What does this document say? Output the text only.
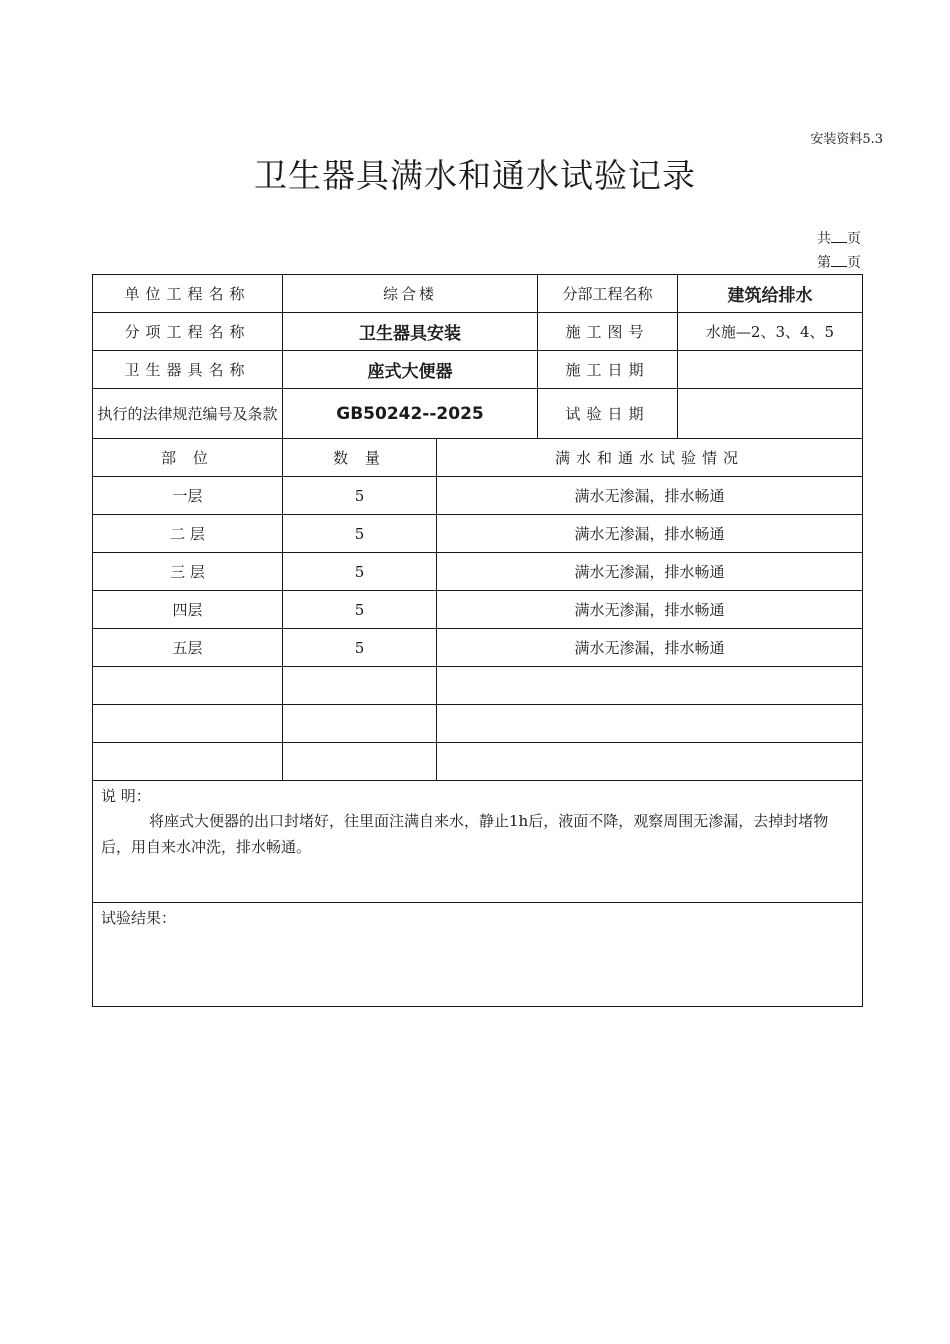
安装资料5.3
卫生器具满水和通水试验记录
共 页
第 页
单位工程名称	综合楼	分部工程名称	建筑给排水
分项工程名称	卫生器具安装	施工图号	水施—2、3、4、5
卫生器具名称	座式大便器	施工日期	
执行的法律规范编号及条款	GB50242--2025	试验日期	
部 位	数 量	满水和通水试验情况
一层	5	满水无渗漏，排水畅通
二 层	5	满水无渗漏，排水畅通
三 层	5	满水无渗漏，排水畅通
四层	5	满水无渗漏，排水畅通
五层	5	满水无渗漏，排水畅通

说 明：
将座式大便器的出口封堵好，往里面注满自来水，静止1h后，液面不降，观察周围无渗漏，去掉封堵物后，用自来水冲洗，排水畅通。		

试验结果：		
